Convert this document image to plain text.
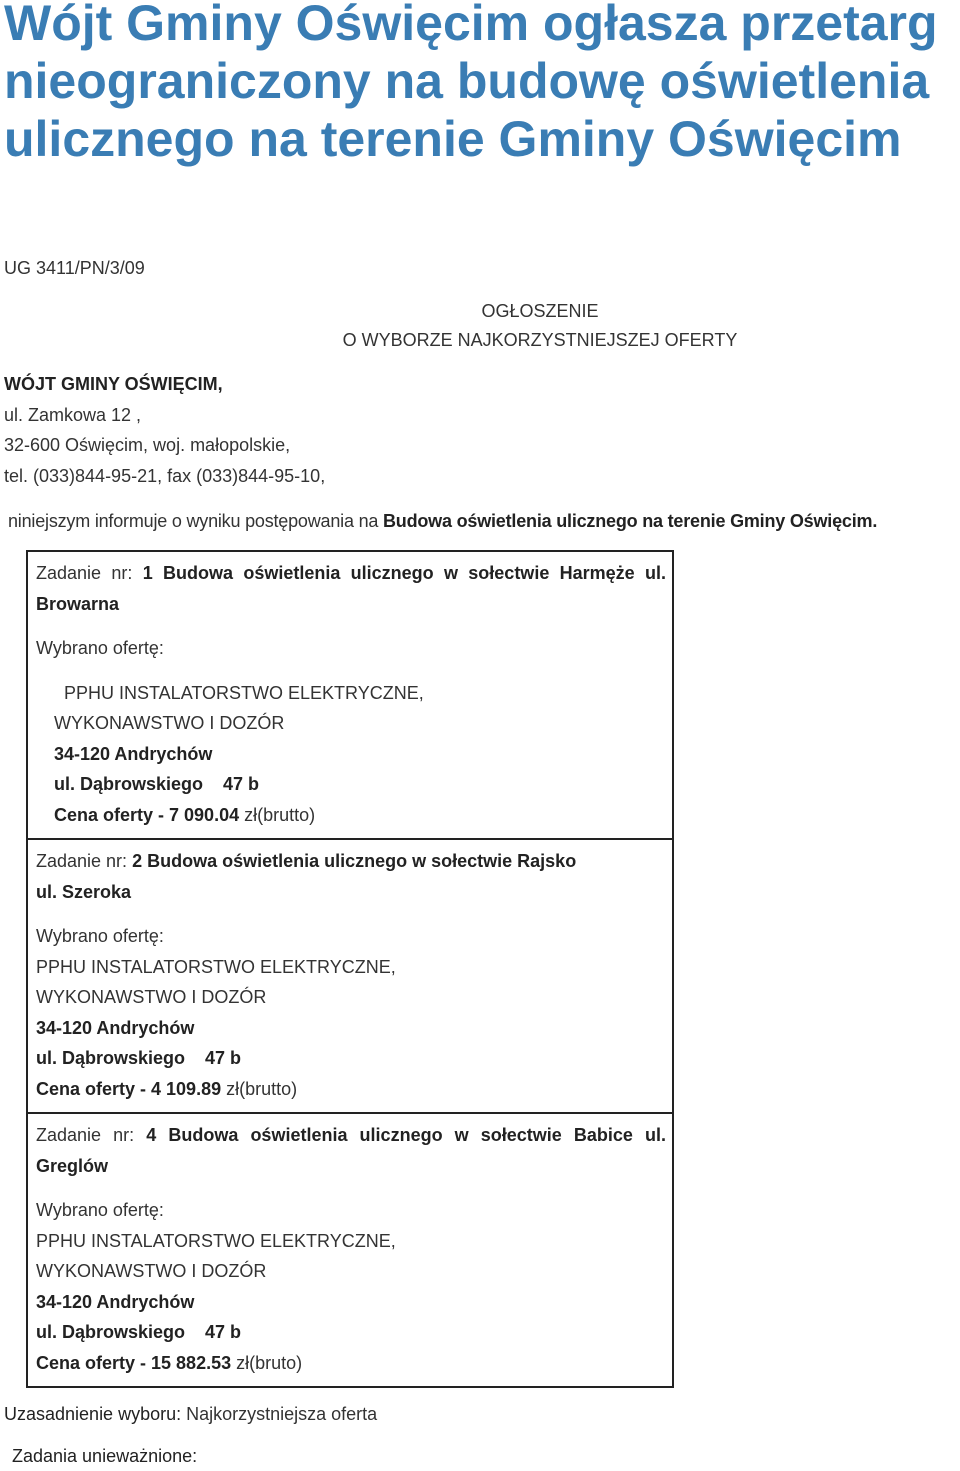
Wójt Gminy Oświęcim ogłasza przetarg nieograniczony na budowę oświetlenia ulicznego na terenie Gminy Oświęcim
UG 3411/PN/3/09
OGŁOSZENIE
O WYBORZE NAJKORZYSTNIEJSZEJ OFERTY
WÓJT GMINY OŚWIĘCIM,
ul. Zamkowa 12 ,
32-600 Oświęcim, woj. małopolskie,
tel. (033)844-95-21, fax (033)844-95-10,
niniejszym informuje o wyniku postępowania na Budowa oświetlenia ulicznego na terenie Gminy Oświęcim.

Zadanie nr: 1 Budowa oświetlenia ulicznego w sołectwie Harmęże ul.

Browarna

Wybrano ofertę:

PPHU INSTALATORSTWO ELEKTRYCZNE,

WYKONAWSTWO I DOZÓR

34-120 Andrychów

ul. Dąbrowskiego    47 b

Cena oferty - 7 090.04 zł(brutto)

Zadanie nr: 2 Budowa oświetlenia ulicznego w sołectwie Rajsko

ul. Szeroka

Wybrano ofertę:

PPHU INSTALATORSTWO ELEKTRYCZNE,

WYKONAWSTWO I DOZÓR

34-120 Andrychów

ul. Dąbrowskiego    47 b

Cena oferty - 4 109.89 zł(brutto)

Zadanie nr: 4 Budowa oświetlenia ulicznego w sołectwie Babice ul.

Greglów

Wybrano ofertę:

PPHU INSTALATORSTWO ELEKTRYCZNE,

WYKONAWSTWO I DOZÓR

34-120 Andrychów

ul. Dąbrowskiego    47 b

Cena oferty - 15 882.53 zł(bruto)

Uzasadnienie wyboru: Najkorzystniejsza oferta
Zadania unieważnione:
